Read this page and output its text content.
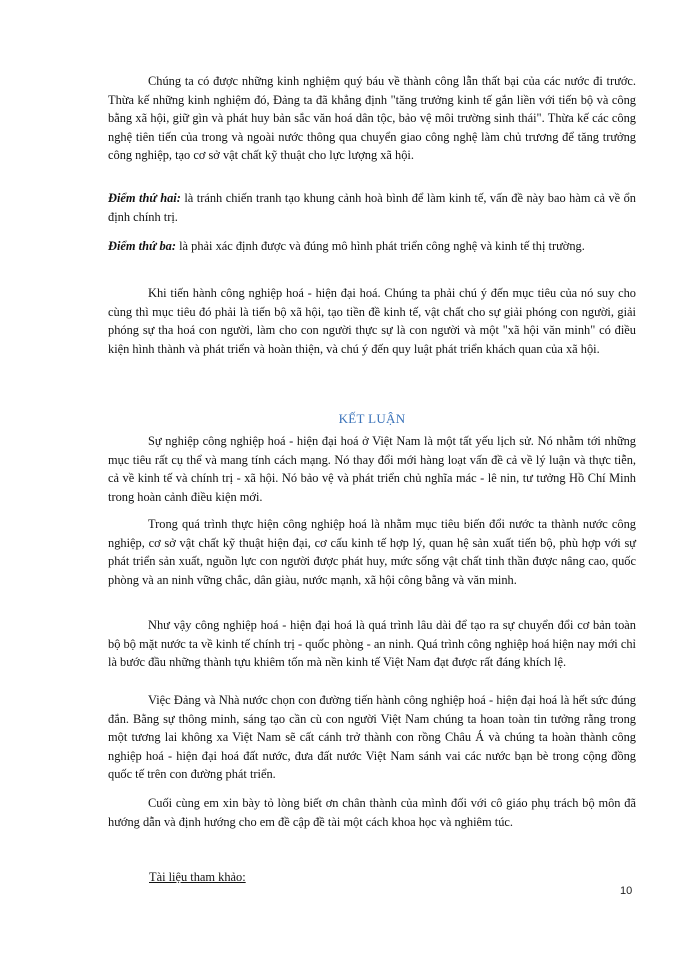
Chúng ta có được những kinh nghiệm quý báu về thành công lẫn thất bại của các nước đi trước. Thừa kế những kinh nghiệm đó, Đảng ta đã khẳng định "tăng trưởng kinh tế gắn liền với tiến bộ và công bằng xã hội, giữ gìn và phát huy bản sắc văn hoá dân tộc, bảo vệ môi trường sinh thái". Thừa kế các công nghệ tiên tiến của trong và ngoài nước thông qua chuyển giao công nghệ làm chủ trương để tăng trưởng công nghiệp, tạo cơ sở vật chất kỹ thuật cho lực lượng xã hội.

Điểm thứ hai: là tránh chiến tranh tạo khung cảnh hoà bình để làm kinh tế, vấn đề này bao hàm cả về ổn định chính trị.

Điểm thứ ba: là phải xác định được và đúng mô hình phát triển công nghệ và kinh tế thị trường.

Khi tiến hành công nghiệp hoá - hiện đại hoá. Chúng ta phải chú ý đến mục tiêu của nó suy cho cùng thì mục tiêu đó phải là tiến bộ xã hội, tạo tiền đề kinh tế, vật chất cho sự giải phóng con người, giải phóng sự tha hoá con người, làm cho con người thực sự là con người và một "xã hội văn minh" có điều kiện hình thành và phát triển và hoàn thiện, và chú ý đến quy luật phát triển khách quan của xã hội.

KẾT LUẬN

Sự nghiệp công nghiệp hoá - hiện đại hoá ở Việt Nam là một tất yếu lịch sử. Nó nhằm tới những mục tiêu rất cụ thể và mang tính cách mạng. Nó thay đổi mới hàng loạt vấn đề cả về lý luận và thực tiễn, cả về kinh tế và chính trị - xã hội. Nó bảo vệ và phát triển chủ nghĩa mác - lê nin, tư tưởng Hồ Chí Minh trong hoàn cảnh điều kiện mới.

Trong quá trình thực hiện công nghiệp hoá là nhằm mục tiêu biến đổi nước ta thành nước công nghiệp, cơ sở vật chất kỹ thuật hiện đại, cơ cấu kinh tế hợp lý, quan hệ sản xuất tiến bộ, phù hợp với sự phát triển sản xuất, nguồn lực con người được phát huy, mức sống vật chất tinh thần được nâng cao, quốc phòng và an ninh vững chắc, dân giàu, nước mạnh, xã hội công bằng và văn minh.

Như vậy công nghiệp hoá - hiện đại hoá là quá trình lâu dài để tạo ra sự chuyển đổi cơ bản toàn bộ bộ mặt nước ta về kinh tế chính trị - quốc phòng - an ninh. Quá trình công nghiệp hoá hiện nay mới chỉ là bước đầu những thành tựu khiêm tốn mà nền kinh tế Việt Nam đạt được rất đáng khích lệ.

Việc Đảng và Nhà nước chọn con đường tiến hành công nghiệp hoá - hiện đại hoá là hết sức đúng đắn. Bằng sự thông minh, sáng tạo cần cù con người Việt Nam chúng ta hoan toàn tin tưởng rằng trong một tương lai không xa Việt Nam sẽ cất cánh trở thành con rồng Châu Á và chúng ta hoàn thành công nghiệp hoá - hiện đại hoá đất nước, đưa đất nước Việt Nam sánh vai các nước bạn bè trong cộng đồng quốc tế trên con đường phát triển.

Cuối cùng em xin bày tỏ lòng biết ơn chân thành của mình đối với cô giáo phụ trách bộ môn đã hướng dẫn và định hướng cho em đề cập đề tài một cách khoa học và nghiêm túc.

Tài liệu tham khảo:
10
